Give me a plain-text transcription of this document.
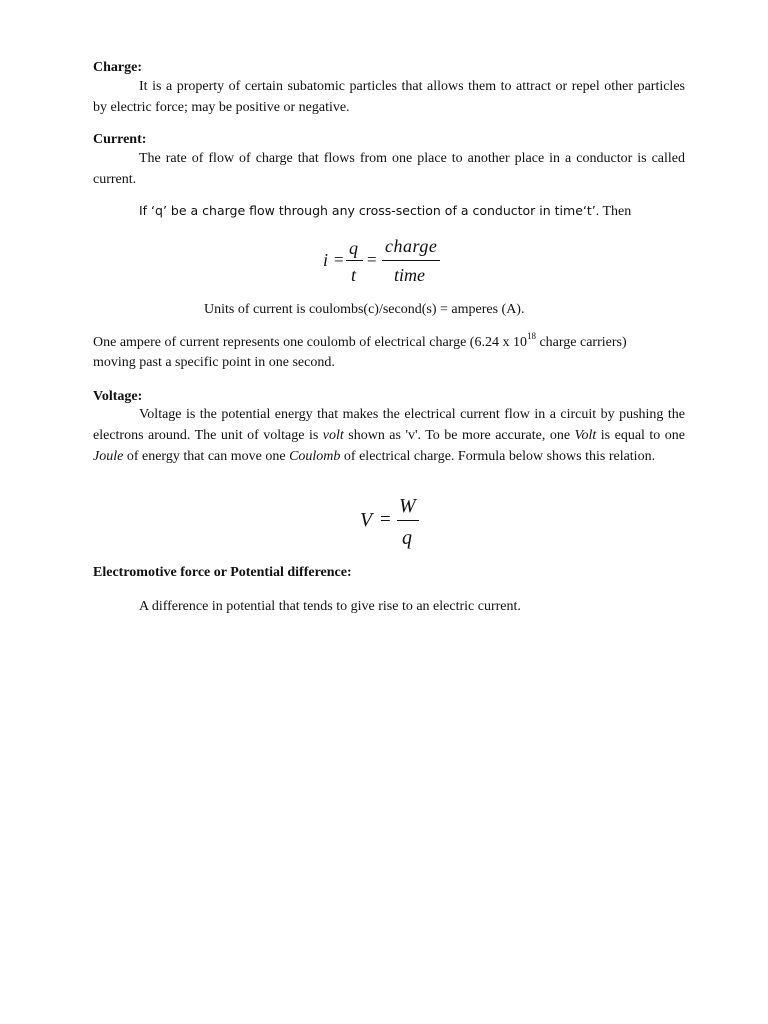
Charge:
It is a property of certain subatomic particles that allows them to attract or repel other particles by electric force; may be positive or negative.
Current:
The rate of flow of charge that flows from one place to another place in a conductor is called current.
If ‘q’ be a charge flow through any cross-section of a conductor in time‘t’. Then
i =
q
t
=
charge
time
Units of current is coulombs(c)/second(s) = amperes (A).
One ampere of current represents one coulomb of electrical charge (6.24 x $10^{18}$ charge carriers)
moving past a specific point in one second.
Voltage:
Voltage is the potential energy that makes the electrical current flow in a circuit by pushing the electrons around. The unit of voltage is volt shown as 'v'. To be more accurate, one Volt is equal to one Joule of energy that can move one Coulomb of electrical charge. Formula below shows this relation.
V =
W
q
Electromotive force or Potential difference:
A difference in potential that tends to give rise to an electric current.
